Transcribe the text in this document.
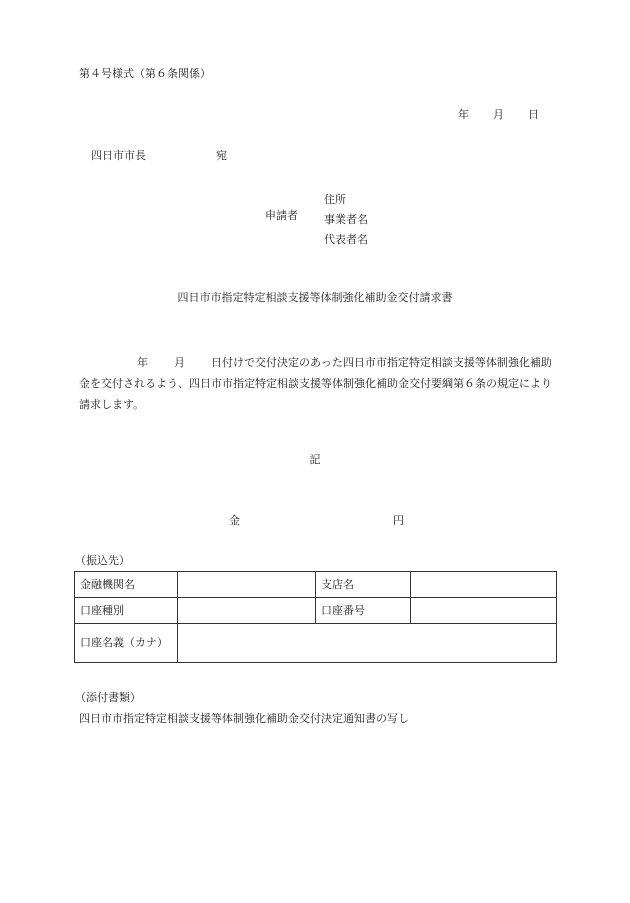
第４号様式（第６条関係）
年 月 日
四日市市長	宛
申請者
住所
事業者名
代表者名
四日市市指定特定相談支援等体制強化補助金交付請求書
年 月 日付けで交付決定のあった四日市市指定特定相談支援等体制強化補助金を交付されるよう、四日市市指定特定相談支援等体制強化補助金交付要綱第６条の規定により請求します。
記
金	円
（振込先）
金融機関名		支店名	
口座種別		口座番号	
口座名義（カナ）			
（添付書類）
四日市市指定特定相談支援等体制強化補助金交付決定通知書の写し
